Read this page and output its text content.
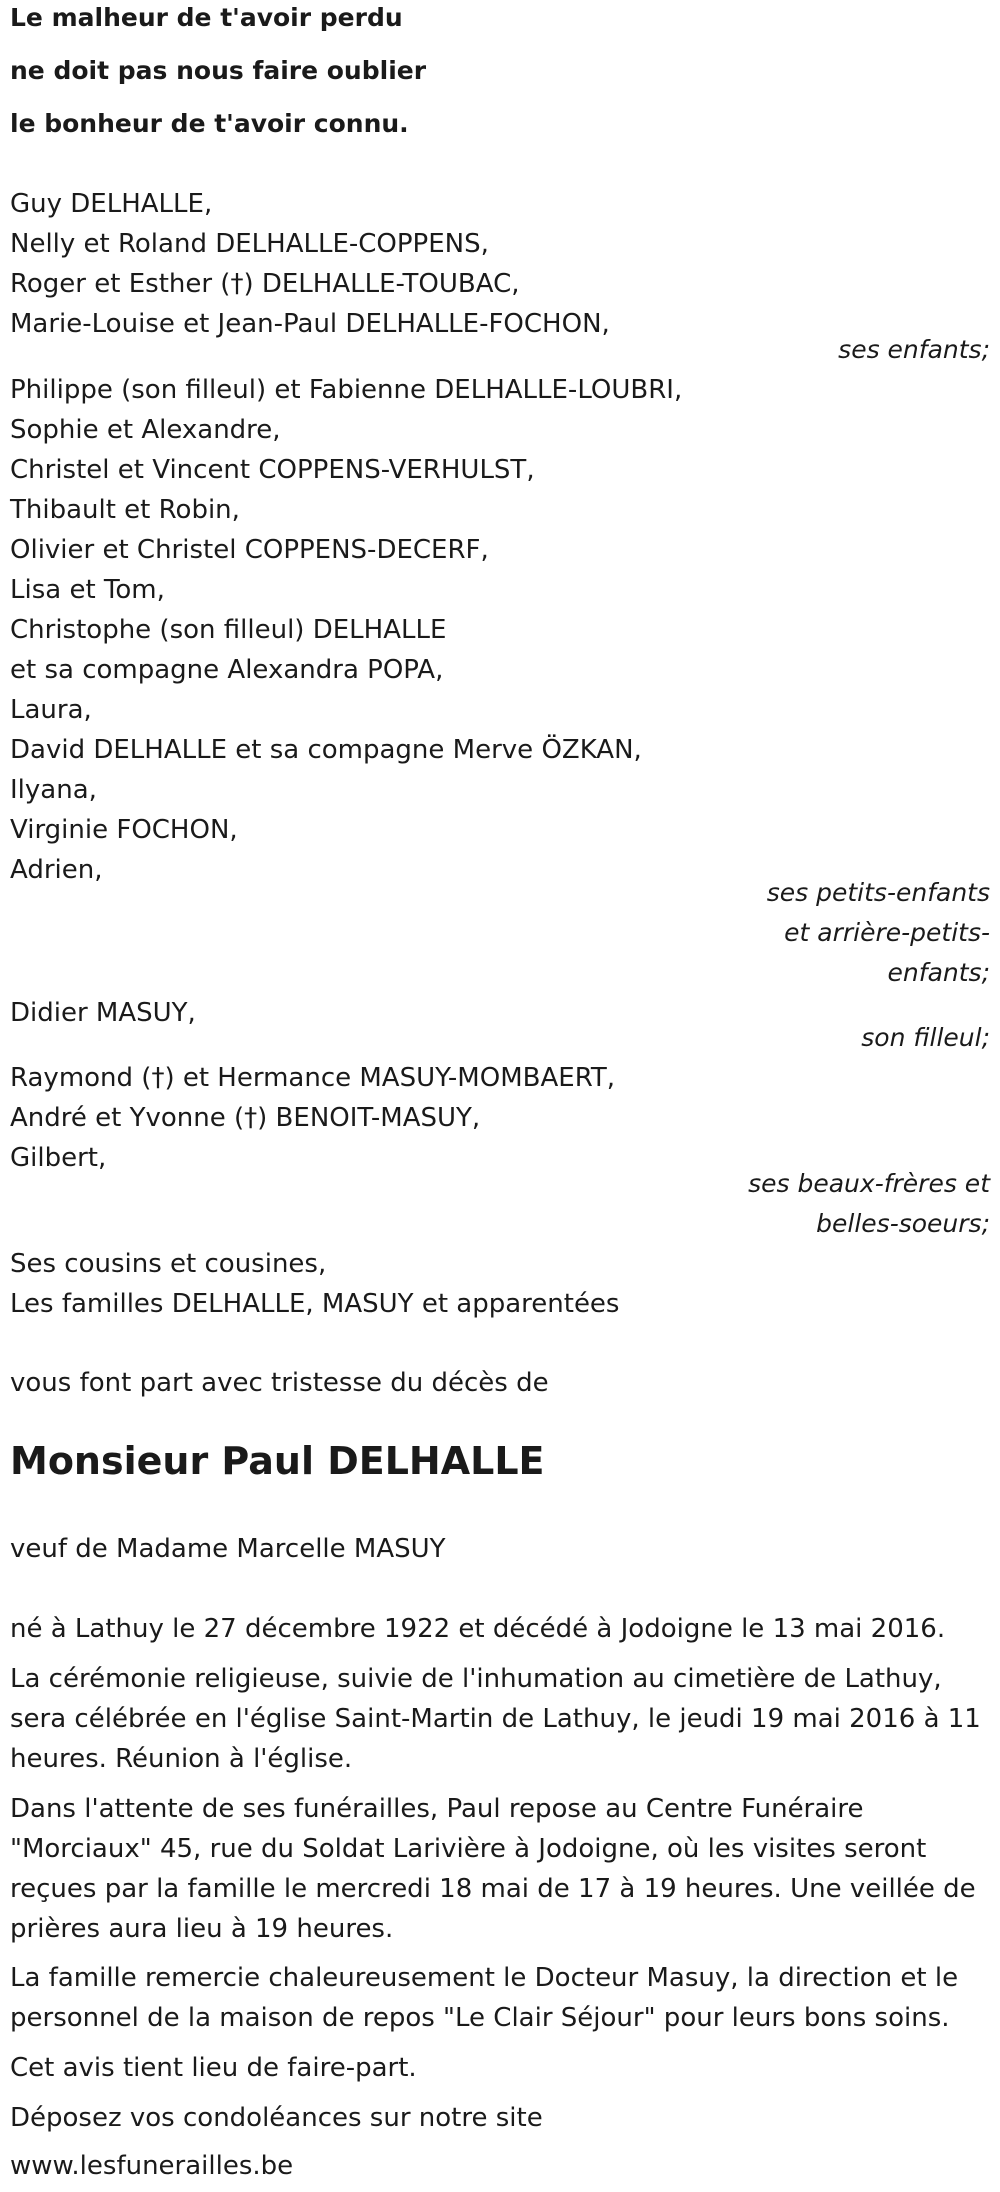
Le malheur de t'avoir perdu
ne doit pas nous faire oublier
le bonheur de t'avoir connu.
Guy DELHALLE,
Nelly et Roland DELHALLE-COPPENS,
Roger et Esther (†) DELHALLE-TOUBAC,
Marie-Louise et Jean-Paul DELHALLE-FOCHON,
ses enfants;
Philippe (son filleul) et Fabienne DELHALLE-LOUBRI,
Sophie et Alexandre,
Christel et Vincent COPPENS-VERHULST,
Thibault et Robin,
Olivier et Christel COPPENS-DECERF,
Lisa et Tom,
Christophe (son filleul) DELHALLE
et sa compagne Alexandra POPA,
Laura,
David DELHALLE et sa compagne Merve ÖZKAN,
Ilyana,
Virginie FOCHON,
Adrien,
ses petits-enfants
et arrière-petits-
enfants;
Didier MASUY,
son filleul;
Raymond (†) et Hermance MASUY-MOMBAERT,
André et Yvonne (†) BENOIT-MASUY,
Gilbert,
ses beaux-frères et
belles-soeurs;
Ses cousins et cousines,
Les familles DELHALLE, MASUY et apparentées
vous font part avec tristesse du décès de
Monsieur Paul DELHALLE
veuf de Madame Marcelle MASUY
né à Lathuy le 27 décembre 1922 et décédé à Jodoigne le 13 mai 2016.
La cérémonie religieuse, suivie de l'inhumation au cimetière de Lathuy,
sera célébrée en l'église Saint-Martin de Lathuy, le jeudi 19 mai 2016 à 11
heures. Réunion à l'église.
Dans l'attente de ses funérailles, Paul repose au Centre Funéraire
"Morciaux" 45, rue du Soldat Larivière à Jodoigne, où les visites seront
reçues par la famille le mercredi 18 mai de 17 à 19 heures. Une veillée de
prières aura lieu à 19 heures.
La famille remercie chaleureusement le Docteur Masuy, la direction et le
personnel de la maison de repos "Le Clair Séjour" pour leurs bons soins.
Cet avis tient lieu de faire-part.
Déposez vos condoléances sur notre site
www.lesfunerailles.be
